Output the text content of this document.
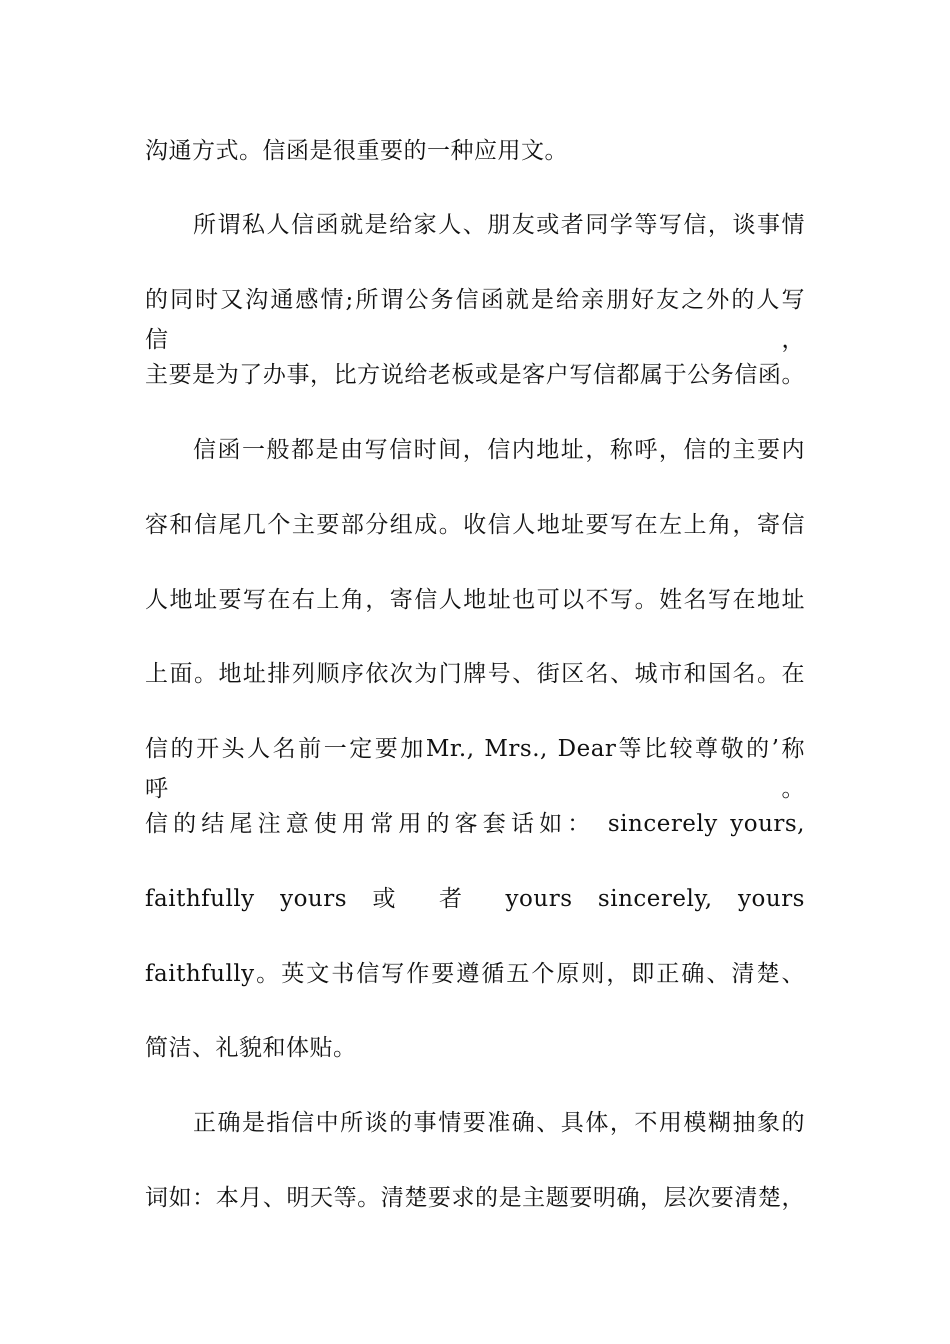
沟通方式。信函是很重要的一种应用文。
所谓私人信函就是给家人、朋友或者同学等写信，谈事情
的同时又沟通感情;所谓公务信函就是给亲朋好友之外的人写信，
主要是为了办事，比方说给老板或是客户写信都属于公务信函。
信函一般都是由写信时间，信内地址，称呼，信的主要内
容和信尾几个主要部分组成。收信人地址要写在左上角，寄信
人地址要写在右上角，寄信人地址也可以不写。姓名写在地址
上面。地址排列顺序依次为门牌号、街区名、城市和国名。在
信的开头人名前一定要加Mr., Mrs., Dear等比较尊敬的’称呼。
信的结尾注意使用常用的客套话如： sincerely yours,
faithfully yours 或 者 yours sincerely, yours
faithfully。英文书信写作要遵循五个原则，即正确、清楚、
简洁、礼貌和体贴。
正确是指信中所谈的事情要准确、具体，不用模糊抽象的
词如：本月、明天等。清楚要求的是主题要明确，层次要清楚，
